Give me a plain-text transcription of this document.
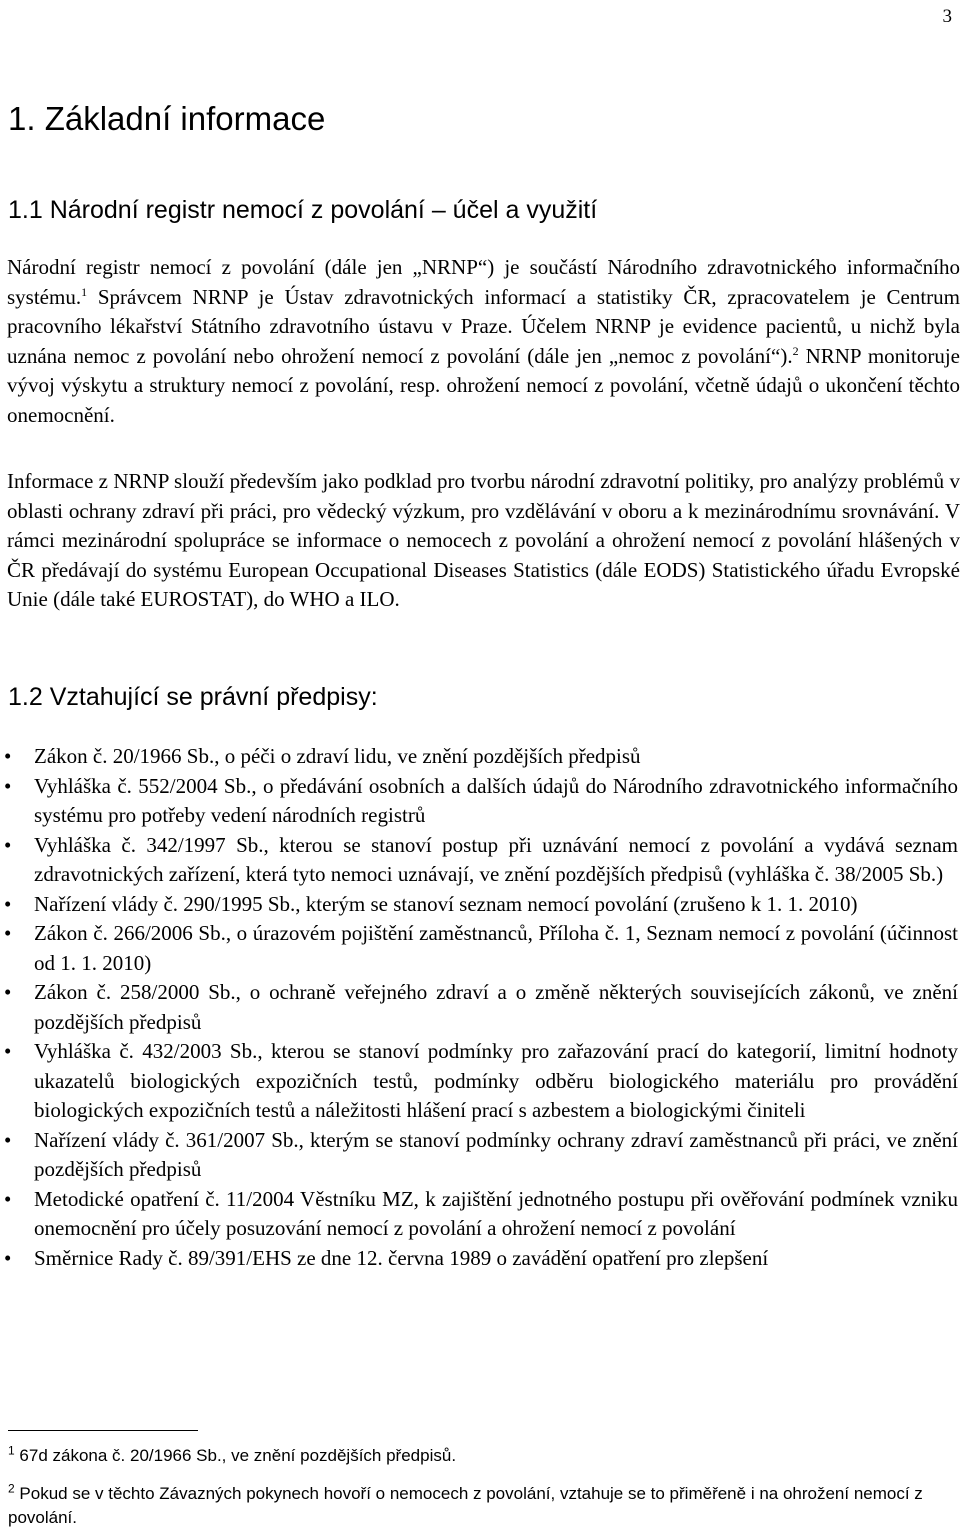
3
1. Základní informace
1.1 Národní registr nemocí z povolání – účel a využití

Národní registr nemocí z povolání (dále jen „NRNP“) je součástí Národního zdravotnického informačního systému.$^1$ Správcem NRNP je Ústav zdravotnických informací a statistiky ČR, zpracovatelem je Centrum pracovního lékařství Státního zdravotního ústavu v Praze. Účelem NRNP je evidence pacientů, u nichž byla uznána nemoc z povolání nebo ohrožení nemocí z povolání (dále jen „nemoc z povolání“).$^2$ NRNP monitoruje vývoj výskytu a struktury nemocí z povolání, resp. ohrožení nemocí z povolání, včetně údajů o ukončení těchto onemocnění.

Informace z NRNP slouží především jako podklad pro tvorbu národní zdravotní politiky, pro analýzy problémů v oblasti ochrany zdraví při práci, pro vědecký výzkum, pro vzdělávání v oboru a k mezinárodnímu srovnávání. V rámci mezinárodní spolupráce se informace o nemocech z povolání a ohrožení nemocí z povolání hlášených v ČR předávají do systému European Occupational Diseases Statistics (dále EODS) Statistického úřadu Evropské Unie (dále také EUROSTAT), do WHO a ILO.

1.2 Vztahující se právní předpisy:
• Zákon č. 20/1966 Sb., o péči o zdraví lidu, ve znění pozdějších předpisů
• Vyhláška č. 552/2004 Sb., o předávání osobních a dalších údajů do Národního zdravotnického informačního systému pro potřeby vedení národních registrů
• Vyhláška č. 342/1997 Sb., kterou se stanoví postup při uznávání nemocí z povolání a vydává seznam zdravotnických zařízení, která tyto nemoci uznávají, ve znění pozdějších předpisů (vyhláška č. 38/2005 Sb.)
• Nařízení vlády č. 290/1995 Sb., kterým se stanoví seznam nemocí povolání (zrušeno k 1. 1. 2010)
• Zákon č. 266/2006 Sb., o úrazovém pojištění zaměstnanců, Příloha č. 1, Seznam nemocí z povolání (účinnost od 1. 1. 2010)
• Zákon č. 258/2000 Sb., o ochraně veřejného zdraví a o změně některých souvisejících zákonů, ve znění pozdějších předpisů
• Vyhláška č. 432/2003 Sb., kterou se stanoví podmínky pro zařazování prací do kategorií, limitní hodnoty ukazatelů biologických expozičních testů, podmínky odběru biologického materiálu pro provádění biologických expozičních testů a náležitosti hlášení prací s azbestem a biologickými činiteli
• Nařízení vlády č. 361/2007 Sb., kterým se stanoví podmínky ochrany zdraví zaměstnanců při práci, ve znění pozdějších předpisů
• Metodické opatření č. 11/2004 Věstníku MZ, k zajištění jednotného postupu při ověřování podmínek vzniku onemocnění pro účely posuzování nemocí z povolání a ohrožení nemocí z povolání
• Směrnice Rady č. 89/391/EHS ze dne 12. června 1989 o zavádění opatření pro zlepšení

$^1$ 67d zákona č. 20/1966 Sb., ve znění pozdějších předpisů.

$^2$ Pokud se v těchto Závazných pokynech hovoří o nemocech z povolání, vztahuje se to přiměřeně i na ohrožení nemocí z povolání.
